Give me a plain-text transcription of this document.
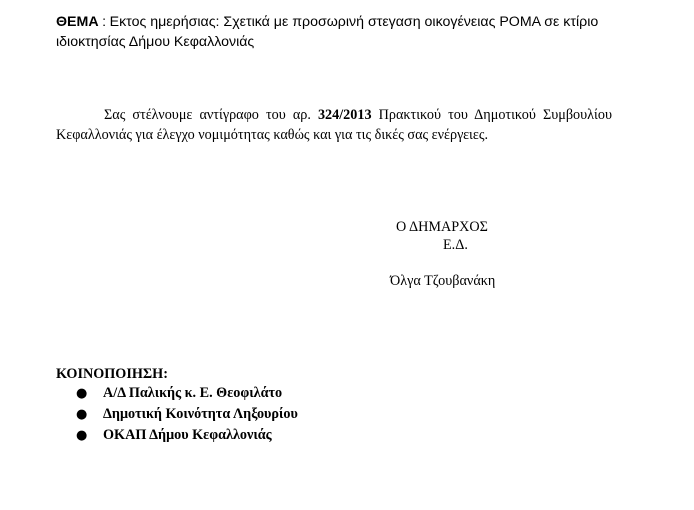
ΘΕΜΑ : Εκτος ημερήσιας: Σχετικά με προσωρινή στεγαση οικογένειας ΡΟΜΑ σε κτίριο ιδιοκτησίας Δήμου Κεφαλλονιάς
Σας στέλνουμε αντίγραφο του αρ. 324/2013 Πρακτικού του Δημοτικού Συμβουλίου Κεφαλλονιάς για έλεγχο νομιμότητας καθώς και για τις δικές σας ενέργειες.
Ο ΔΗΜΑΡΧΟΣ
Ε.Δ.
Όλγα Τζουβανάκη
ΚΟΙΝΟΠΟΙΗΣΗ:
● Α/Δ Παλικής κ. Ε. Θεοφιλάτο
● Δημοτική Κοινότητα Ληξουρίου
● ΟΚΑΠ Δήμου Κεφαλλονιάς
